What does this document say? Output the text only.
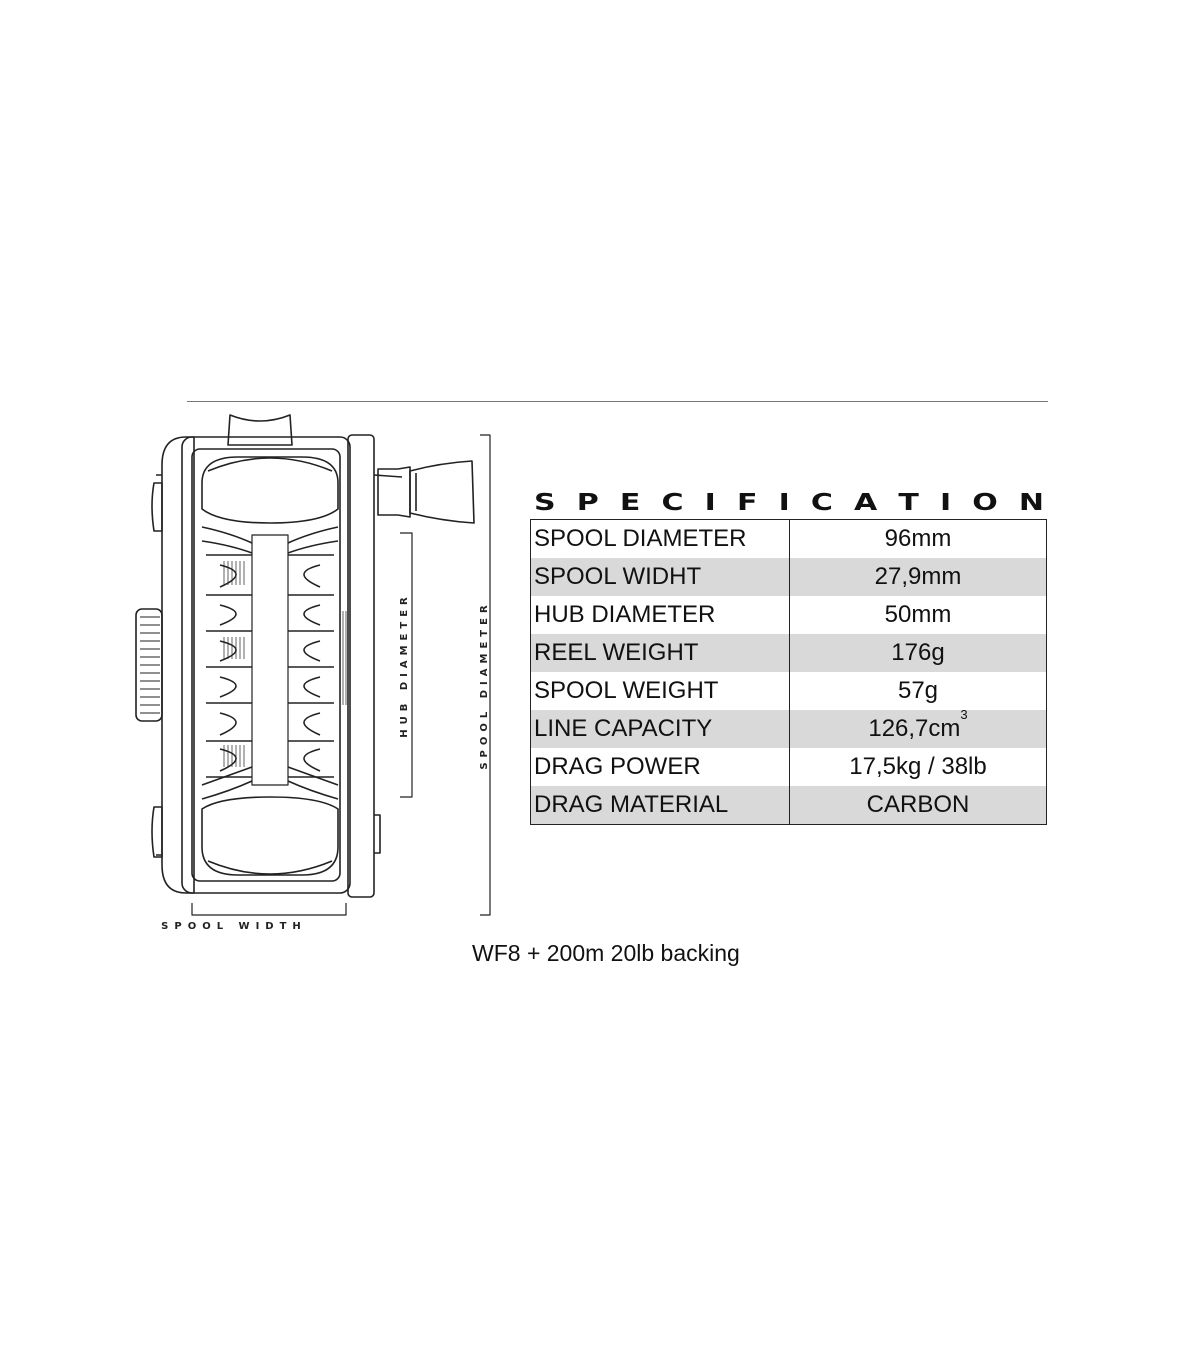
HUB DIAMETER	SPOOL DIAMETER
SPOOL WIDTH
S P E C I F I C A T I O N
SPOOL DIAMETER	96mm
SPOOL WIDHT	27,9mm
HUB DIAMETER	50mm
REEL WEIGHT	176g
SPOOL WEIGHT	57g
LINE CAPACITY	$126,7cm^3$
DRAG POWER	17,5kg / 38lb
DRAG MATERIAL	CARBON
WF8 + 200m 20lb backing
